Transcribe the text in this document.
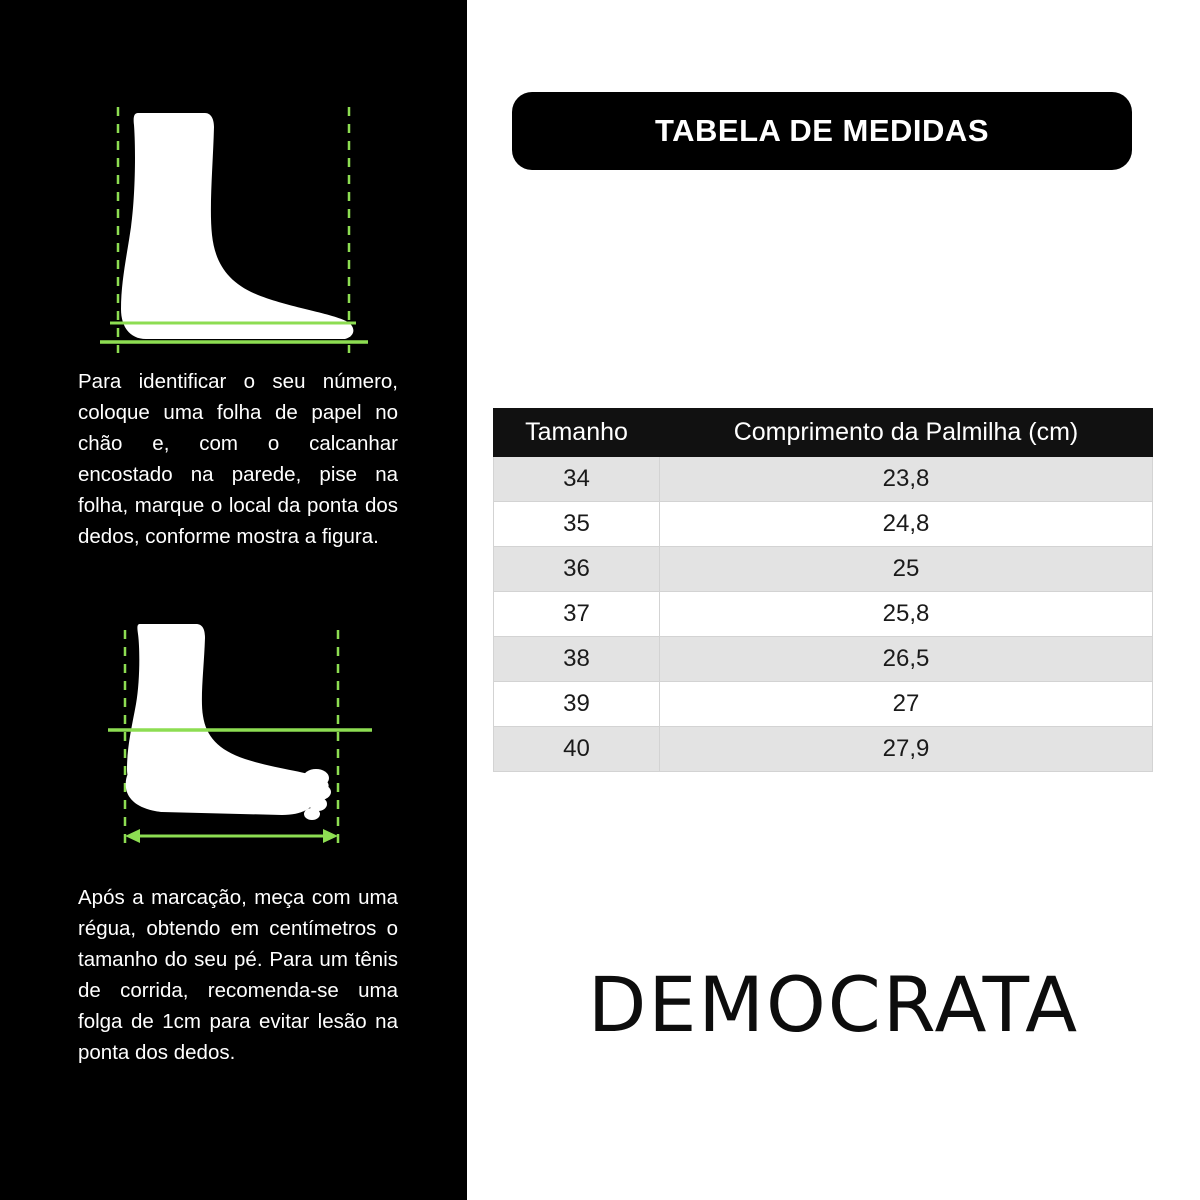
Para identificar o seu número, coloque uma folha de papel no chão e, com o calcanhar encostado na parede, pise na folha, marque o local da ponta dos dedos, conforme mostra a figura.
Após a marcação, meça com uma régua, obtendo em centímetros o tamanho do seu pé. Para um tênis de corrida, recomenda-se uma folga de 1cm para evitar lesão na ponta dos dedos.
TABELA DE MEDIDAS
Tamanho	Comprimento da Palmilha (cm)
34	23,8
35	24,8
36	25
37	25,8
38	26,5
39	27
40	27,9
DEMOCRATA
